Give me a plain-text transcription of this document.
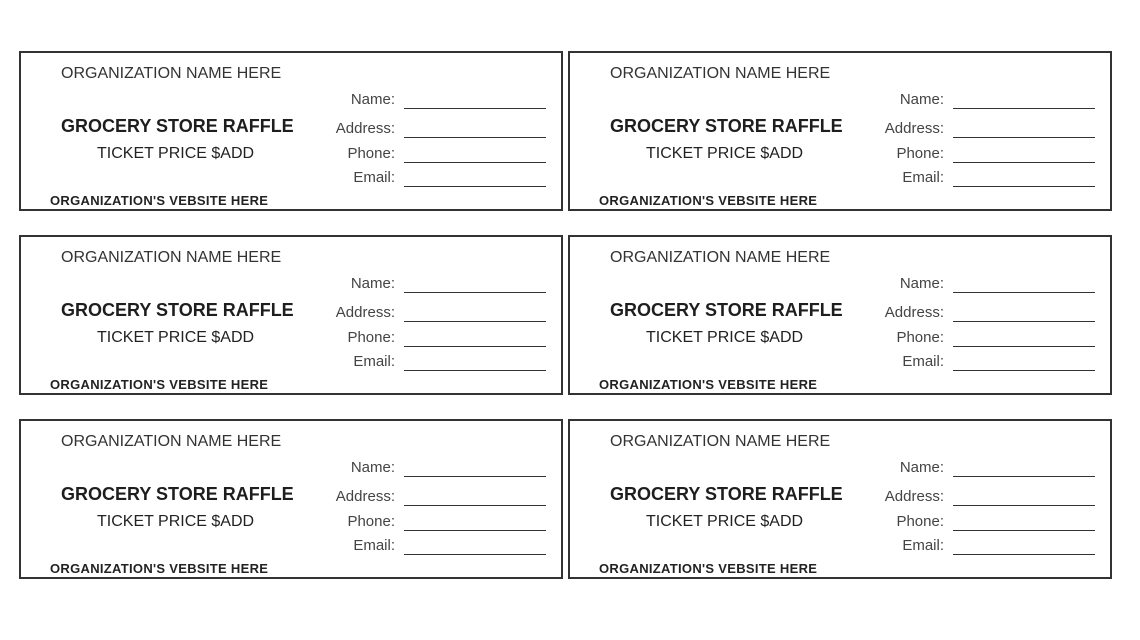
ORGANIZATION NAME HERE
GROCERY STORE RAFFLE
TICKET PRICE $ADD
ORGANIZATION'S VEBSITE HERE
Name:
Address:
Phone:
Email:
ORGANIZATION NAME HERE
GROCERY STORE RAFFLE
TICKET PRICE $ADD
ORGANIZATION'S VEBSITE HERE
Name:
Address:
Phone:
Email:
ORGANIZATION NAME HERE
GROCERY STORE RAFFLE
TICKET PRICE $ADD
ORGANIZATION'S VEBSITE HERE
Name:
Address:
Phone:
Email:
ORGANIZATION NAME HERE
GROCERY STORE RAFFLE
TICKET PRICE $ADD
ORGANIZATION'S VEBSITE HERE
Name:
Address:
Phone:
Email:
ORGANIZATION NAME HERE
GROCERY STORE RAFFLE
TICKET PRICE $ADD
ORGANIZATION'S VEBSITE HERE
Name:
Address:
Phone:
Email:
ORGANIZATION NAME HERE
GROCERY STORE RAFFLE
TICKET PRICE $ADD
ORGANIZATION'S VEBSITE HERE
Name:
Address:
Phone:
Email:
